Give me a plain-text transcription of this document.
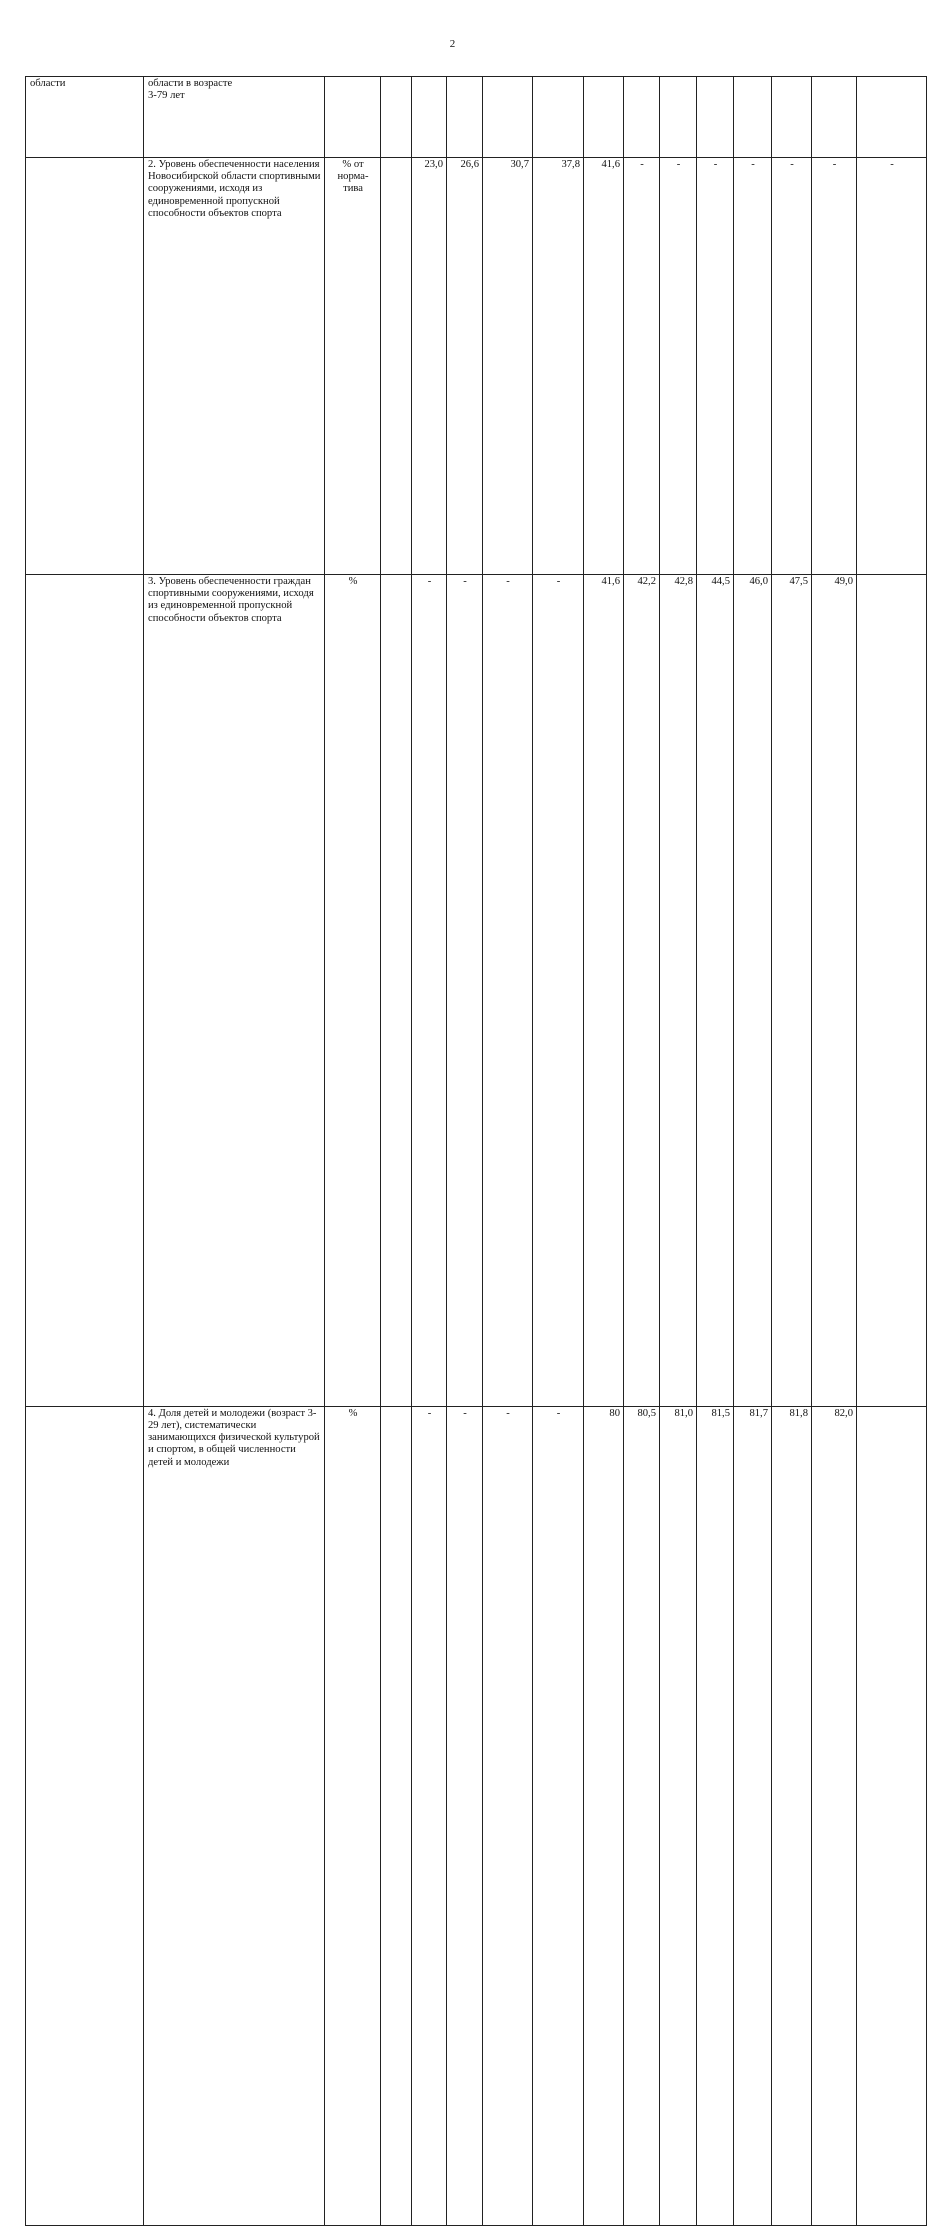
2
области	области в возрасте
3-79 лет															
	2. Уровень обеспеченности населения Новосибирской области спортивными сооружениями, исходя из единовременной пропускной способности объектов спорта	% от норма-
тива		23,0	26,6	30,7	37,8	41,6	-	-	-	-	-	-	-	
	3. Уровень обеспеченности граждан спортивными сооружениями, исходя
из единовременной пропускной способности объектов спорта	%		-	-	-	-	41,6	42,2	42,8	44,5	46,0	47,5	49,0		
	4. Доля детей и молодежи (возраст 3-29 лет), систематически занимающихся физической культурой и спортом, в общей численности детей и молодежи	%		-	-	-	-	80	80,5	81,0	81,5	81,7	81,8	82,0		
